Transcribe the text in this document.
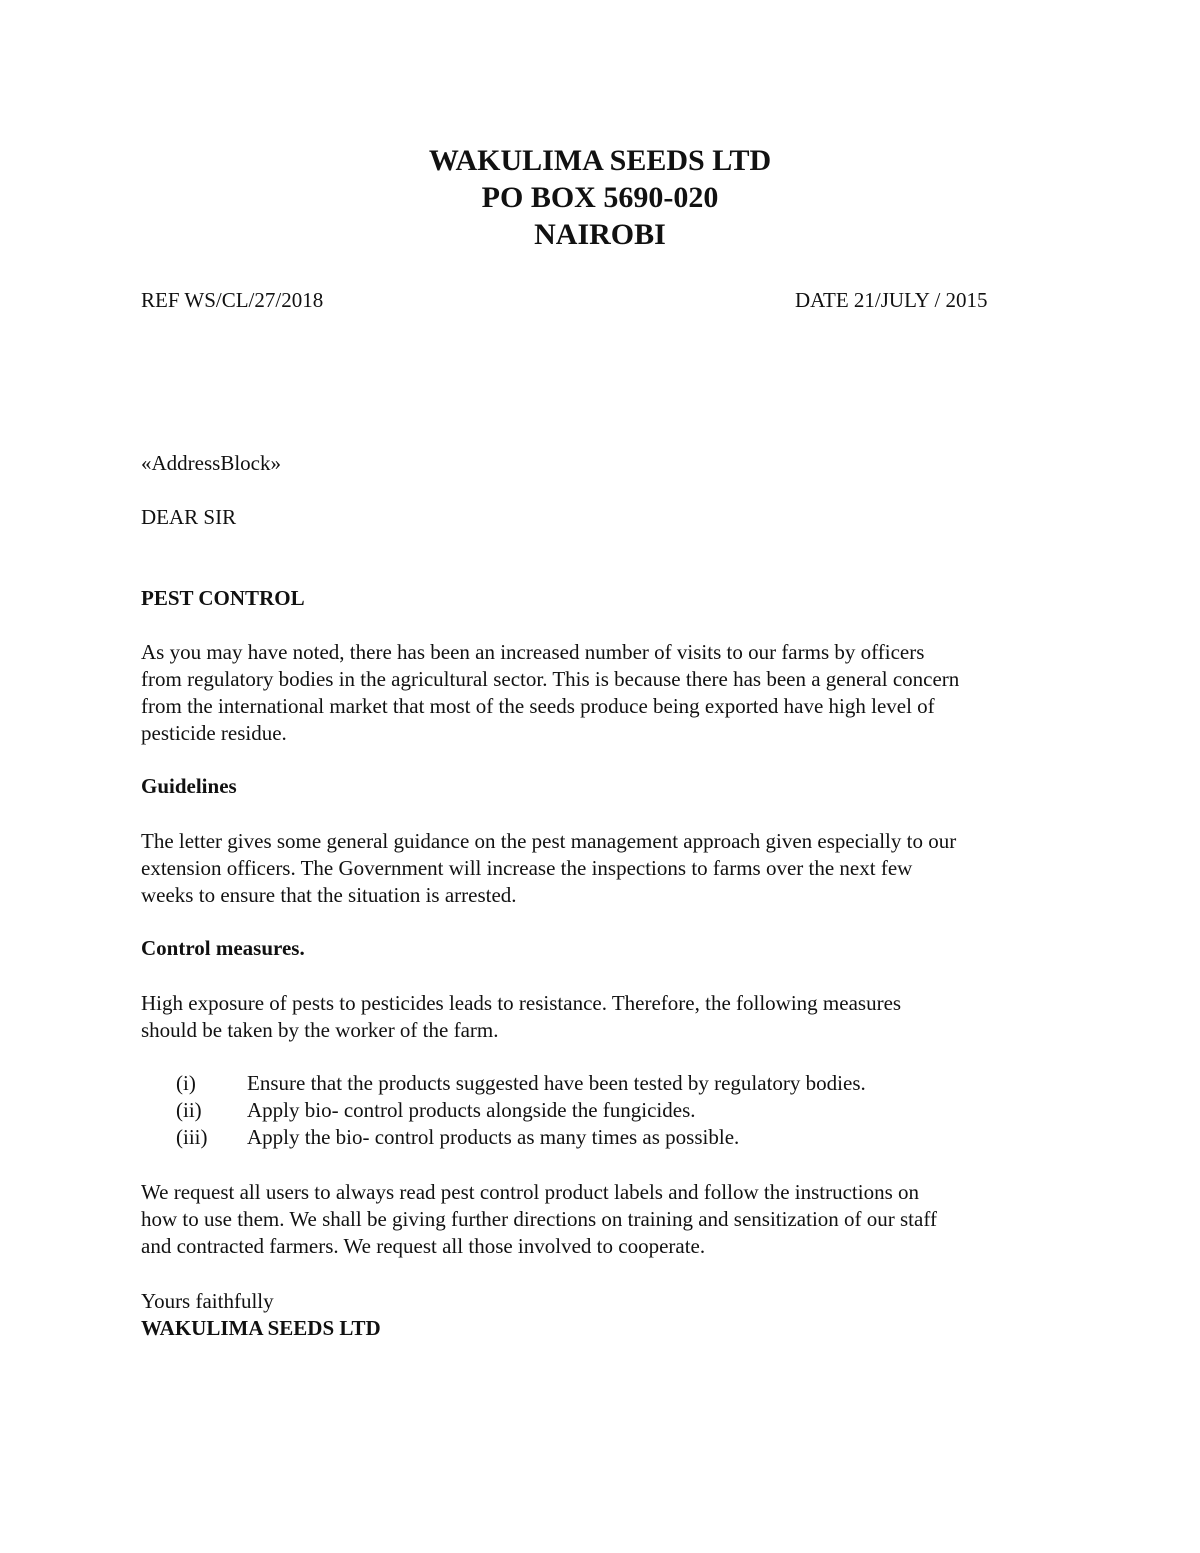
WAKULIMA SEEDS LTD
PO BOX 5690-020
NAIROBI
REF WS/CL/27/2018	DATE 21/JULY / 2015
«AddressBlock»
DEAR SIR
PEST CONTROL
As you may have noted, there has been an increased number of visits to our farms by officers
from regulatory bodies in the agricultural sector. This is because there has been a general concern
from the international market that most of the seeds produce being exported have high level of
pesticide residue.
Guidelines
The letter gives some general guidance on the pest management approach given especially to our
extension officers. The Government will increase the inspections to farms over the next few
weeks to ensure that the situation is arrested.
Control measures.
High exposure of pests to pesticides leads to resistance. Therefore, the following measures
should be taken by the worker of the farm.
(i) Ensure that the products suggested have been tested by regulatory bodies.
(ii) Apply bio- control products alongside the fungicides.
(iii) Apply the bio- control products as many times as possible.
We request all users to always read pest control product labels and follow the instructions on
how to use them. We shall be giving further directions on training and sensitization of our staff
and contracted farmers. We request all those involved to cooperate.
Yours faithfully
WAKULIMA SEEDS LTD
